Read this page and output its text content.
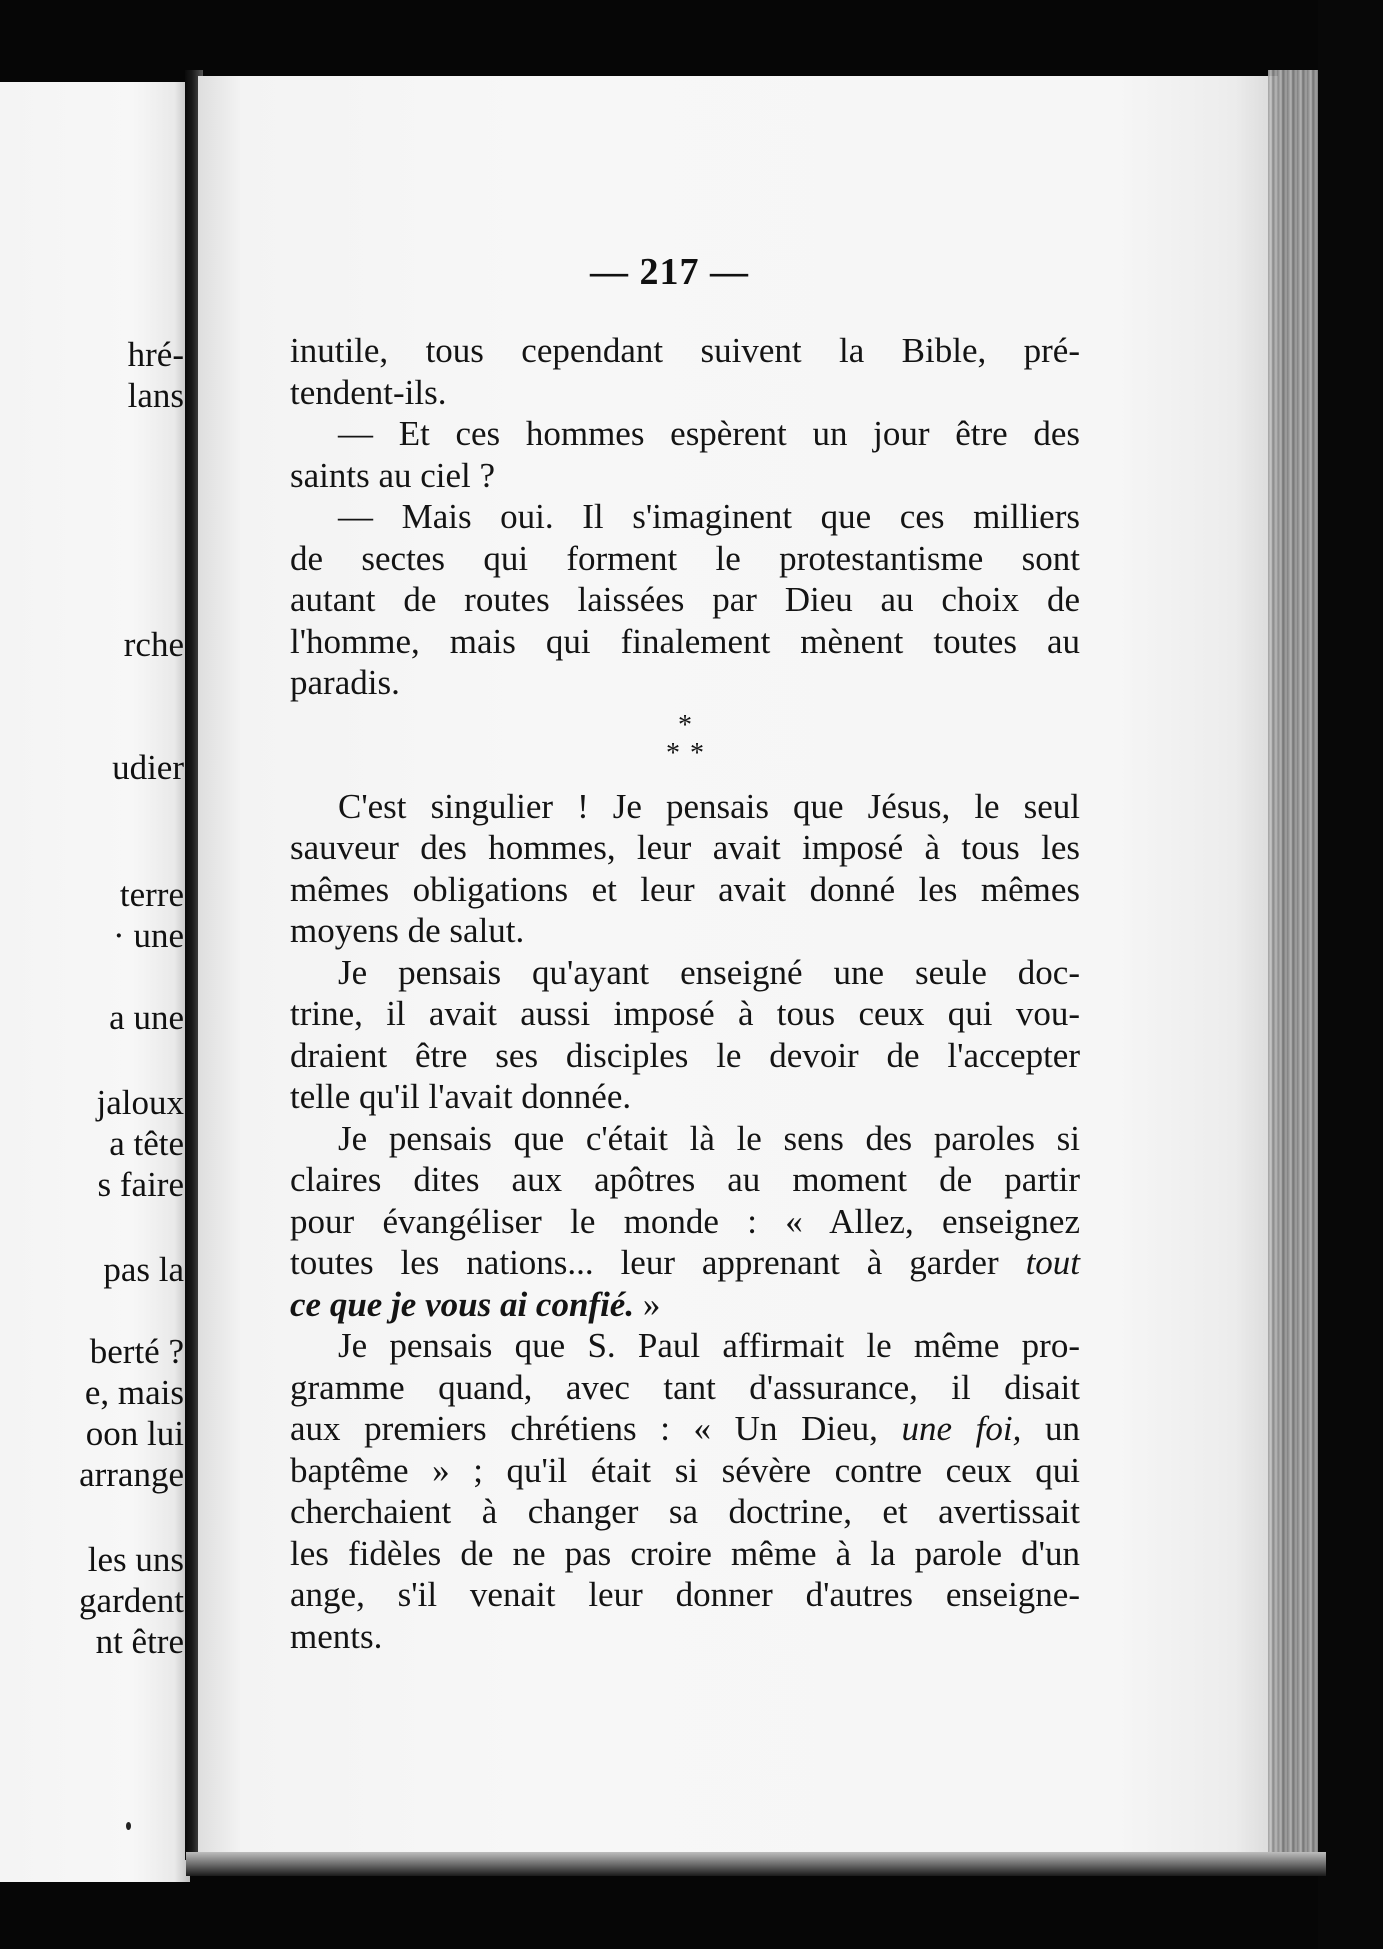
hré-
lans
rche
udier
terre
· une
a une
jaloux
a tête
s faire
pas la
berté ?
e, mais
oon lui
arrange
les uns
gardent
nt être
— 217 —
inutile, tous cependant suivent la Bible, pré-
tendent-ils.
— Et ces hommes espèrent un jour être des
saints au ciel ?
— Mais oui. Il s'imaginent que ces milliers
de sectes qui forment le protestantisme sont
autant de routes laissées par Dieu au choix de
l'homme, mais qui finalement mènent toutes au
paradis.
*
* *
C'est singulier ! Je pensais que Jésus, le seul
sauveur des hommes, leur avait imposé à tous les
mêmes obligations et leur avait donné les mêmes
moyens de salut.
Je pensais qu'ayant enseigné une seule doc-
trine, il avait aussi imposé à tous ceux qui vou-
draient être ses disciples le devoir de l'accepter
telle qu'il l'avait donnée.
Je pensais que c'était là le sens des paroles si
claires dites aux apôtres au moment de partir
pour évangéliser le monde : « Allez, enseignez
toutes les nations... leur apprenant à garder tout
ce que je vous ai confié. »
Je pensais que S. Paul affirmait le même pro-
gramme quand, avec tant d'assurance, il disait
aux premiers chrétiens : « Un Dieu, une foi, un
baptême » ; qu'il était si sévère contre ceux qui
cherchaient à changer sa doctrine, et avertissait
les fidèles de ne pas croire même à la parole d'un
ange, s'il venait leur donner d'autres enseigne-
ments.
